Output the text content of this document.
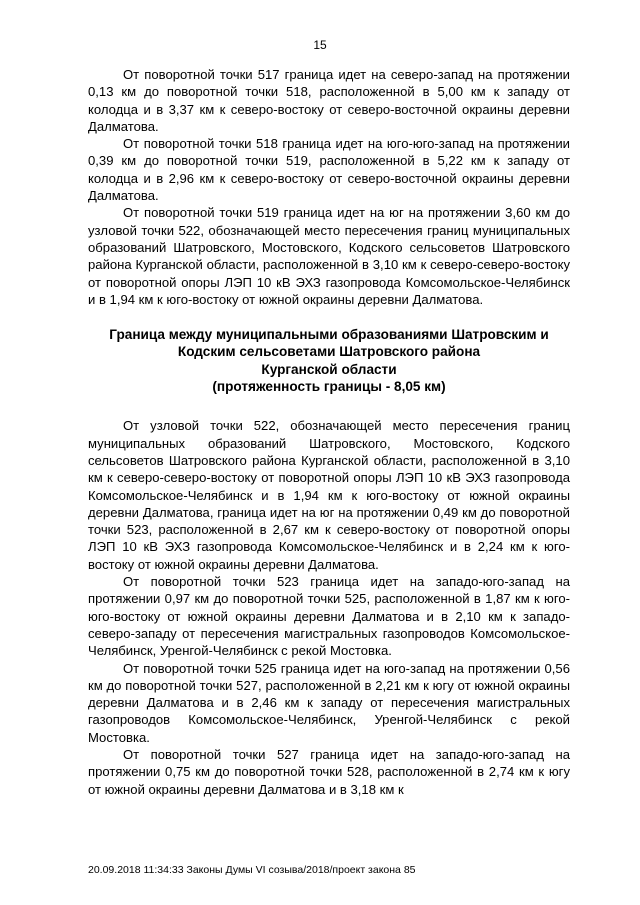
15

От поворотной точки 517 граница идет на северо-запад на протяжении 0,13 км до поворотной точки 518, расположенной в 5,00 км к западу от колодца и в 3,37 км к северо-востоку от северо-восточной окраины деревни Далматова.

От поворотной точки 518 граница идет на юго-юго-запад на протяжении 0,39 км до поворотной точки 519, расположенной в 5,22 км к западу от колодца и в 2,96 км к северо-востоку от северо-восточной окраины деревни Далматова.

От поворотной точки 519 граница идет на юг на протяжении 3,60 км до узловой точки 522, обозначающей место пересечения границ муниципальных образований Шатровского, Мостовского, Кодского сельсоветов Шатровского района Курганской области, расположенной в 3,10 км к северо-северо-востоку от поворотной опоры ЛЭП 10 кВ ЭХЗ газопровода Комсомольское-Челябинск и в 1,94 км к юго-востоку от южной окраины деревни Далматова.

Граница между муниципальными образованиями Шатровским и
Кодским сельсоветами Шатровского района
Курганской области
(протяженность границы - 8,05 км)

От узловой точки 522, обозначающей место пересечения границ муниципальных образований Шатровского, Мостовского, Кодского сельсоветов Шатровского района Курганской области, расположенной в 3,10 км к северо-северо-востоку от поворотной опоры ЛЭП 10 кВ ЭХЗ газопровода Комсомольское-Челябинск и в 1,94 км к юго-востоку от южной окраины деревни Далматова, граница идет на юг на протяжении 0,49 км до поворотной точки 523, расположенной в 2,67 км к северо-востоку от поворотной опоры ЛЭП 10 кВ ЭХЗ газопровода Комсомольское-Челябинск и в 2,24 км к юго-востоку от южной окраины деревни Далматова.

От поворотной точки 523 граница идет на западо-юго-запад на протяжении 0,97 км до поворотной точки 525, расположенной в 1,87 км к юго-юго-востоку от южной окраины деревни Далматова и в 2,10 км к западо-северо-западу от пересечения магистральных газопроводов Комсомольское-Челябинск, Уренгой-Челябинск с рекой Мостовка.

От поворотной точки 525 граница идет на юго-запад на протяжении 0,56 км до поворотной точки 527, расположенной в 2,21 км к югу от южной окраины деревни Далматова и в 2,46 км к западу от пересечения магистральных газопроводов Комсомольское-Челябинск, Уренгой-Челябинск с рекой Мостовка.

От поворотной точки 527 граница идет на западо-юго-запад на протяжении 0,75 км до поворотной точки 528, расположенной в 2,74 км к югу от южной окраины деревни Далматова и в 3,18 км к

20.09.2018 11:34:33 Законы Думы VI созыва/2018/проект закона 85
